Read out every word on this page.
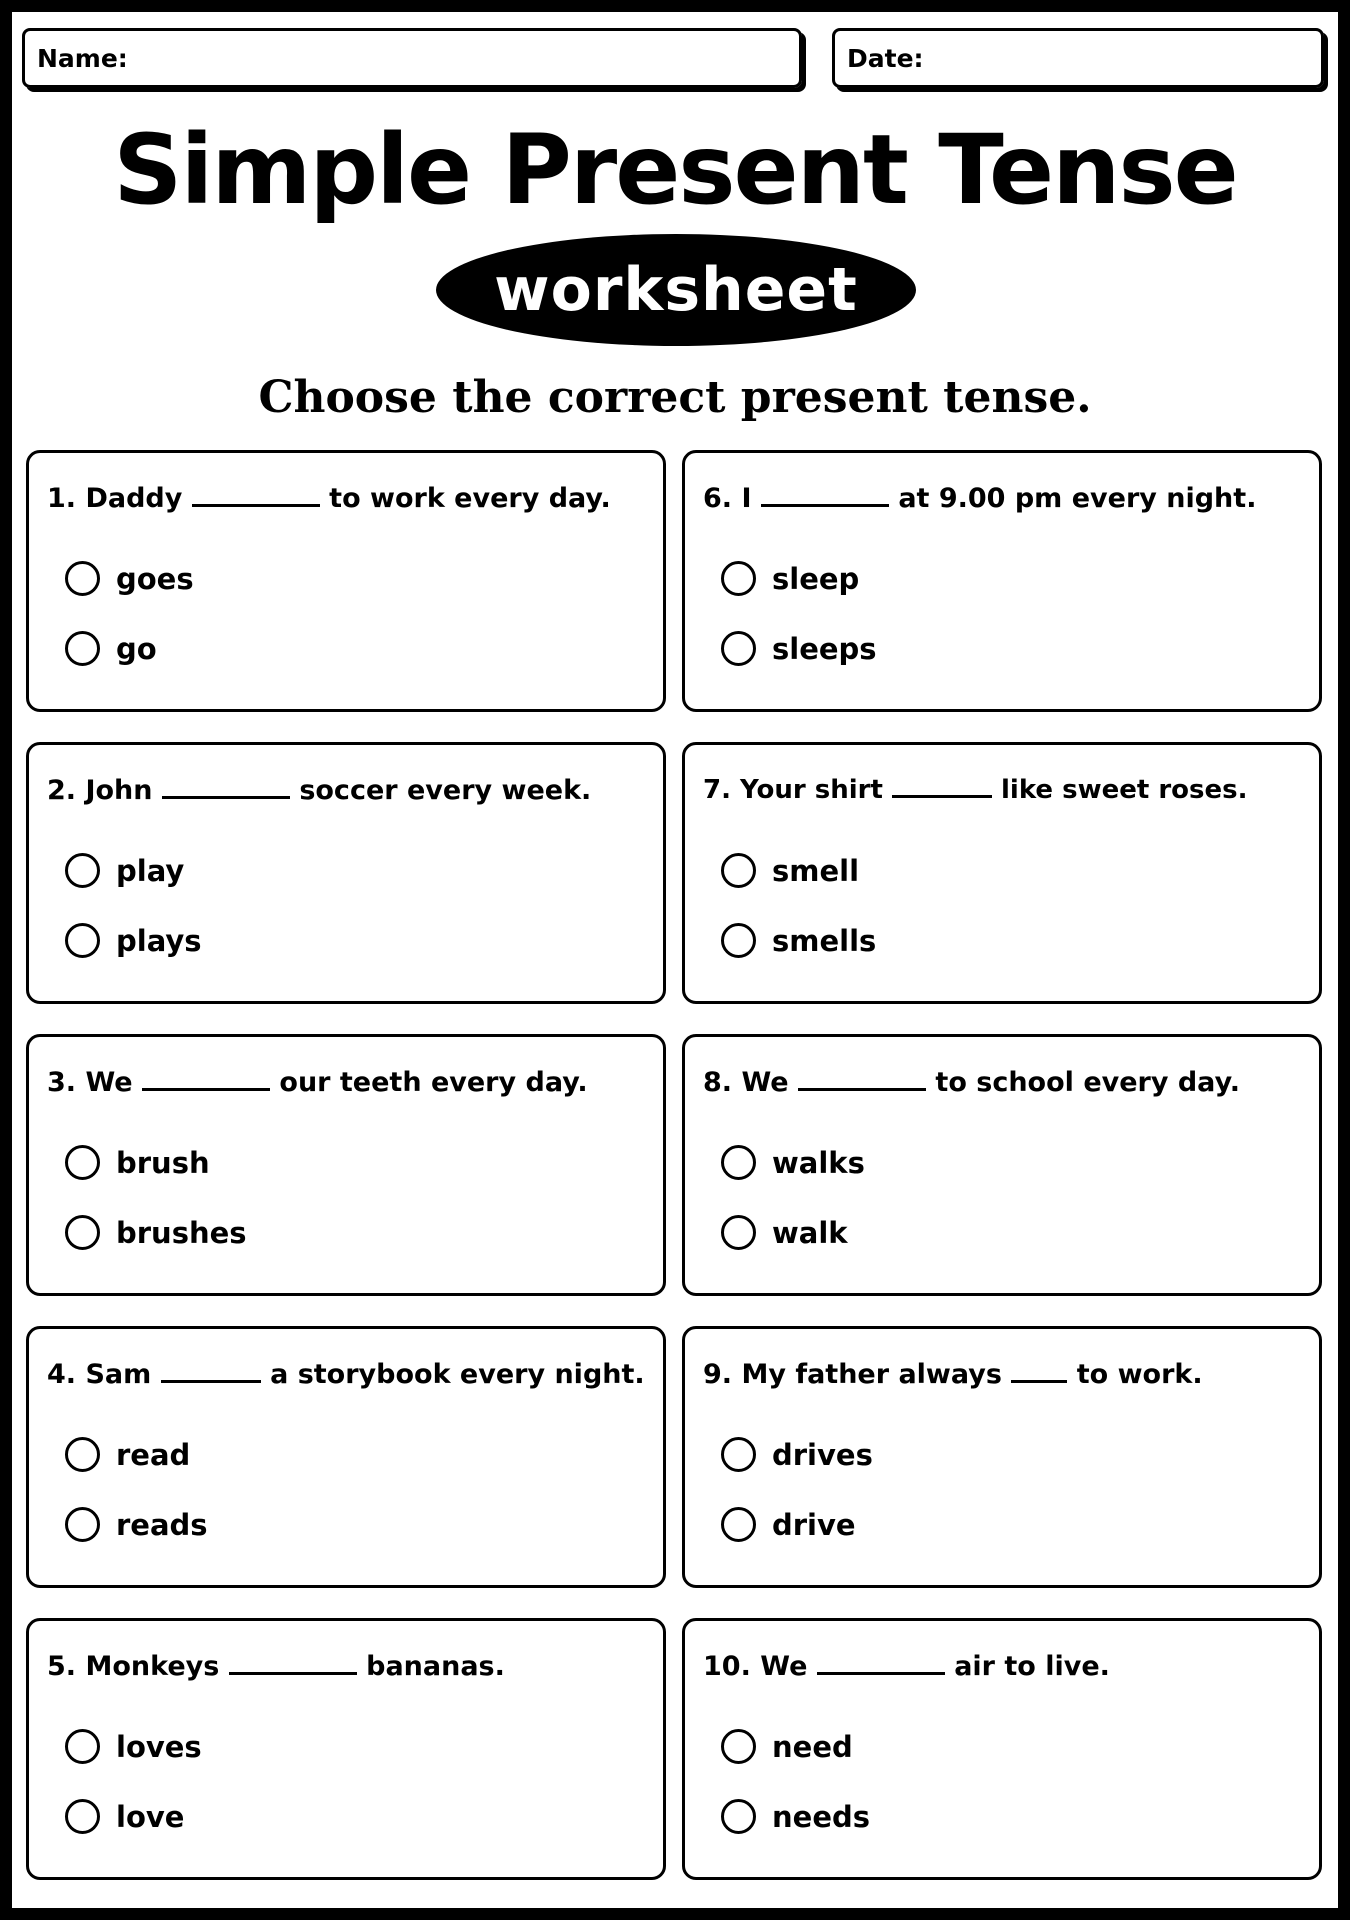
Name:	Date:
Simple Present Tense
worksheet
Choose the correct present tense.
1. Daddy	to work every day.
goes
go
2. John	soccer every week.
play
plays
3. We	our teeth every day.
brush
brushes
4. Sam	a storybook every night.
read
reads
5. Monkeys	bananas.
loves
love
6. I	at 9.00 pm every night.
sleep
sleeps
7. Your shirt	like sweet roses.
smell
smells
8. We	to school every day.
walks
walk
9. My father always	to work.
drives
drive
10. We	air to live.
need
needs
